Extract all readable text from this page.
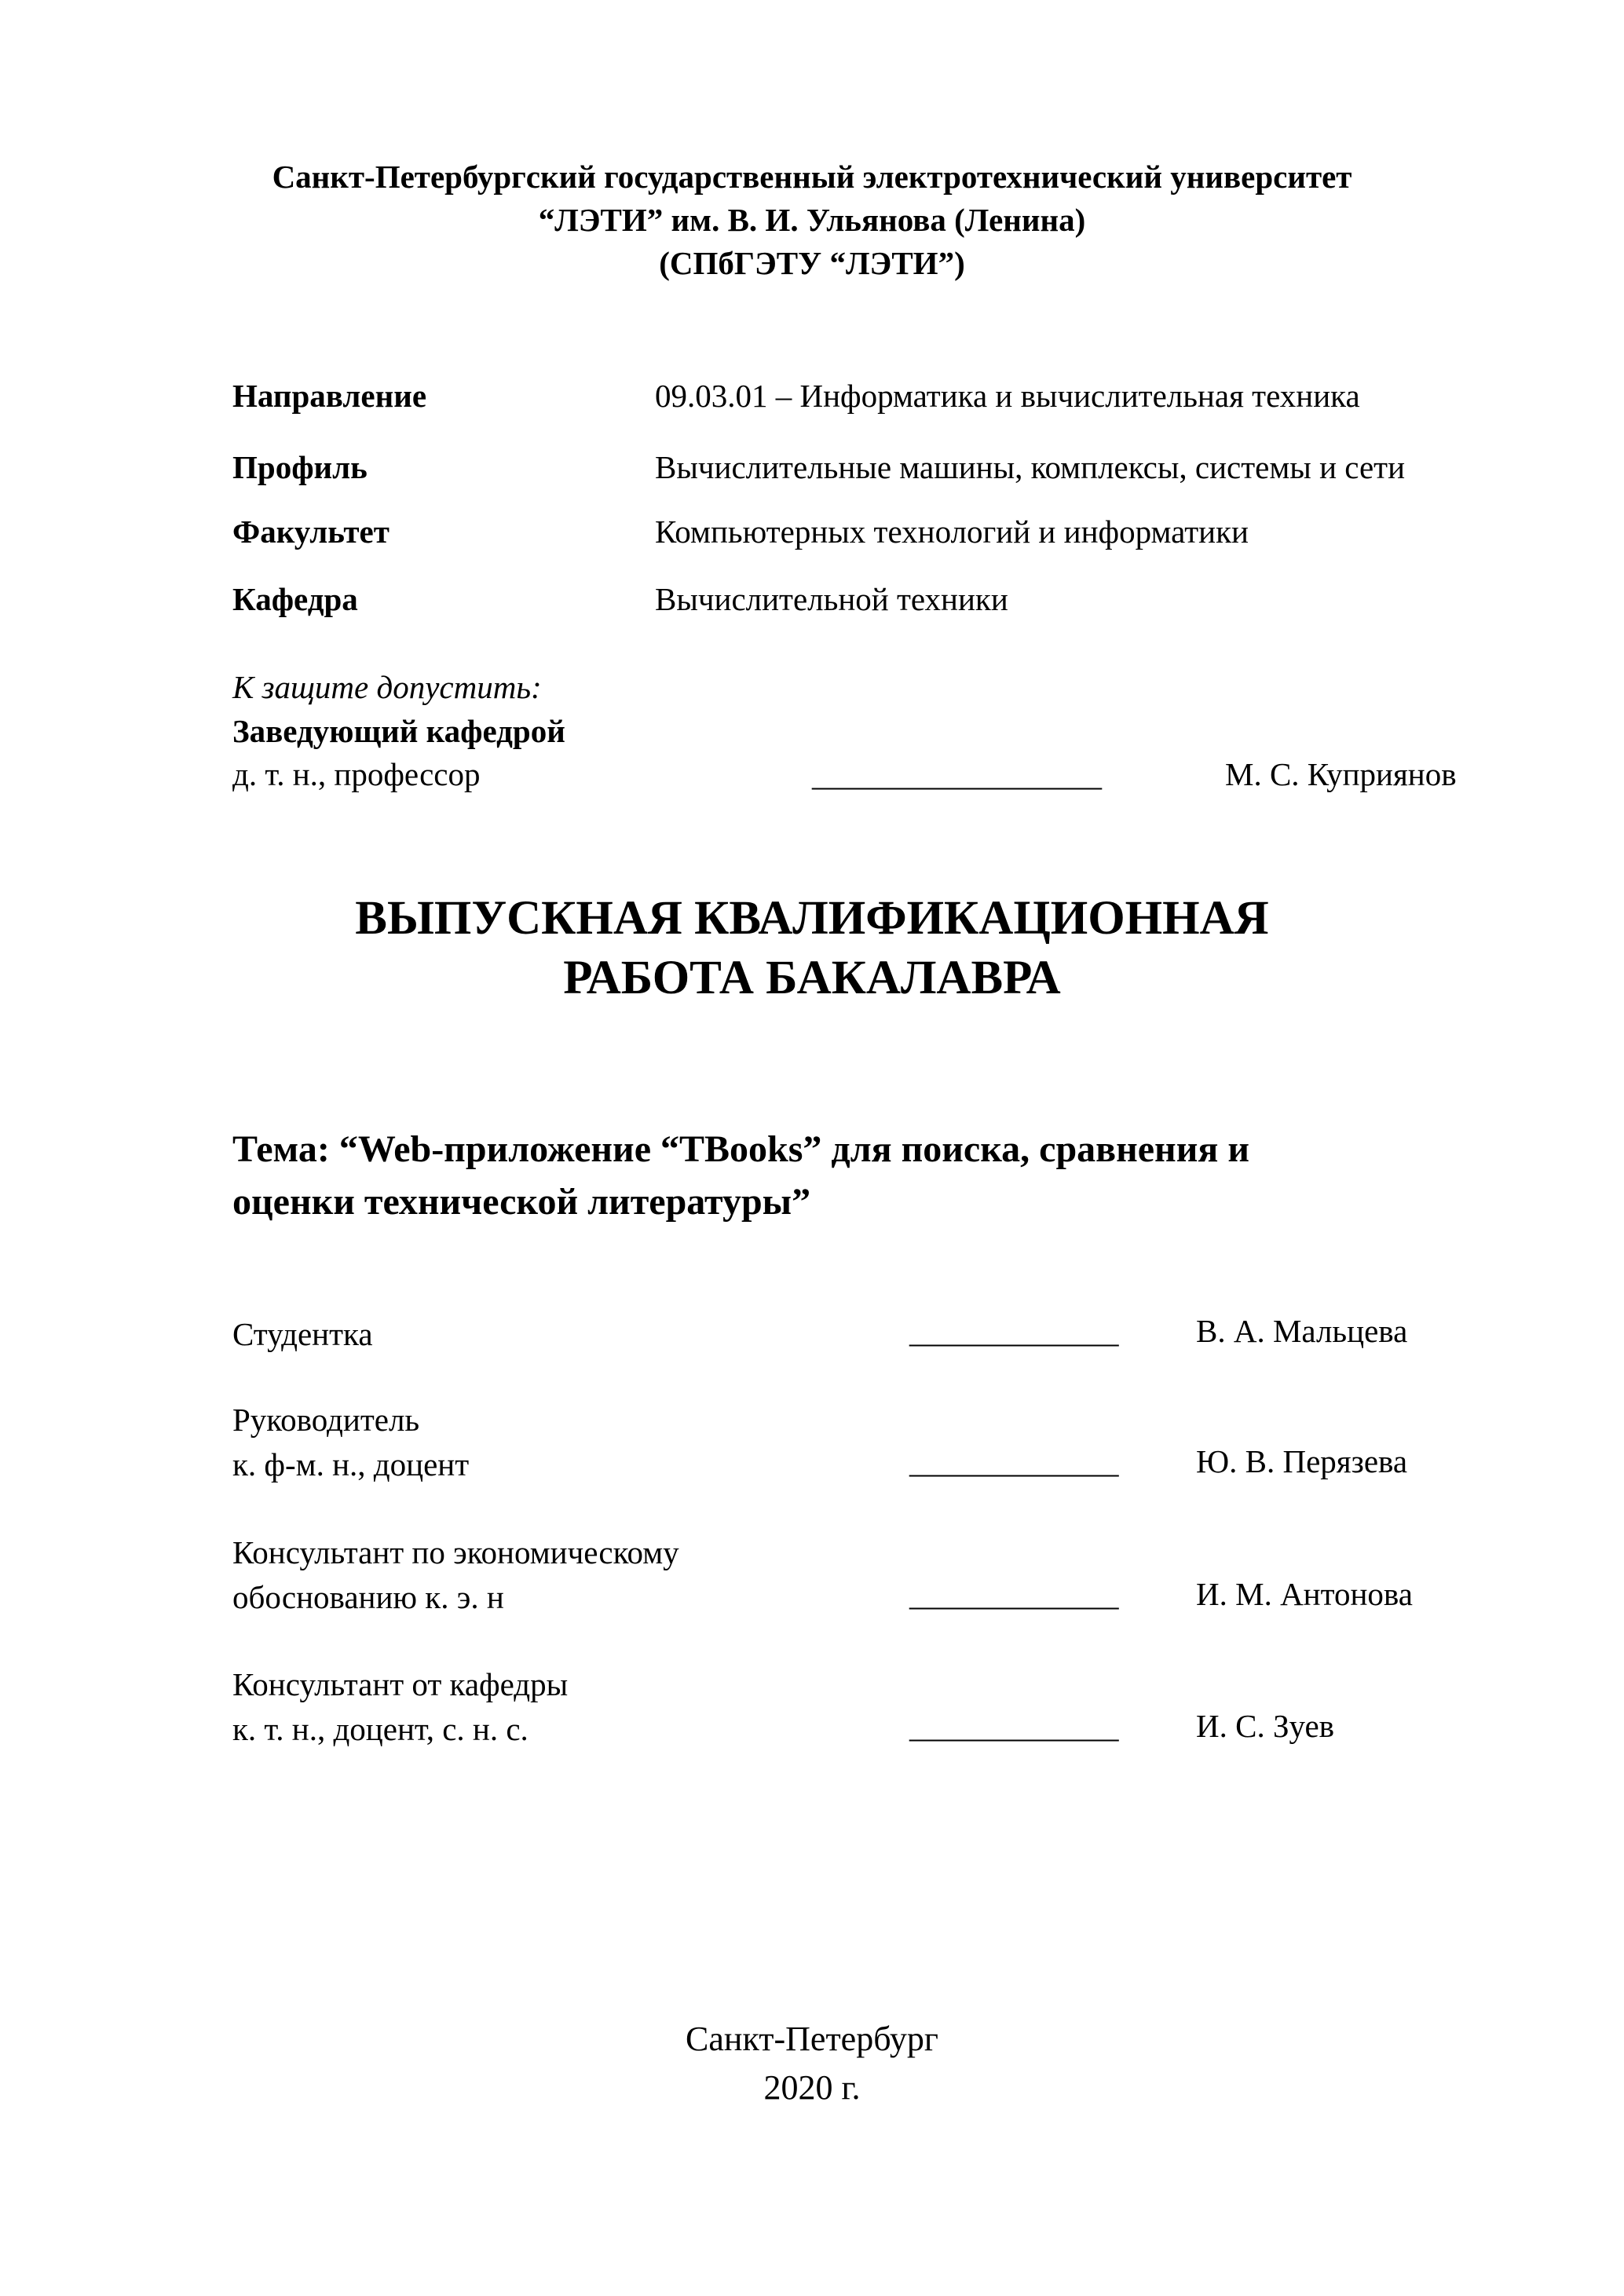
Санкт-Петербургский государственный электротехнический университет
“ЛЭТИ” им. В. И. Ульянова (Ленина)
(СПбГЭТУ “ЛЭТИ”)
Направление	09.03.01 – Информатика и вычислительная техника
Профиль	Вычислительные машины, комплексы, системы и сети
Факультет	Компьютерных технологий и информатики
Кафедра	Вычислительной техники
К защите допустить:
Заведующий кафедрой
д. т. н., профессор	__________________	М. С. Куприянов
ВЫПУСКНАЯ КВАЛИФИКАЦИОННАЯ
РАБОТА БАКАЛАВРА
Тема: “Web-приложение “TBooks” для поиска, сравнения и
оценки технической литературы”
Студентка	_____________ В. А. Мальцева
Руководитель
к. ф-м. н., доцент	_____________ Ю. В. Перязева
Консультант по экономическому
обоснованию к. э. н	_____________ И. М. Антонова
Консультант от кафедры
к. т. н., доцент, с. н. с.	_____________ И. С. Зуев
Санкт-Петербург
2020 г.
